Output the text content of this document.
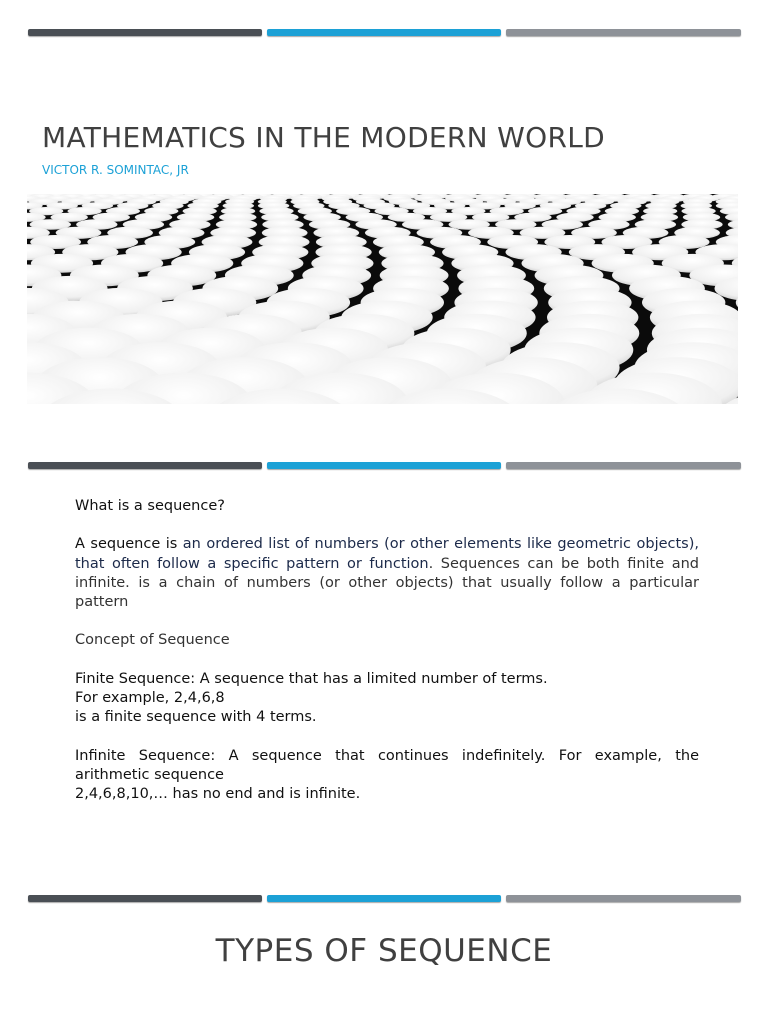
MATHEMATICS IN THE MODERN WORLD
VICTOR R. SOMINTAC, JR

What is a sequence?

A sequence is an ordered list of numbers (or other elements like geometric objects), that often follow a specific pattern or function. Sequences can be both finite and infinite. is a chain of numbers (or other objects) that usually follow a particular pattern

Concept of Sequence

Finite Sequence: A sequence that has a limited number of terms.

For example, 2,4,6,8

is a finite sequence with 4 terms.

Infinite Sequence: A sequence that continues indefinitely. For example, the arithmetic sequence

2,4,6,8,10,… has no end and is infinite.

TYPES OF SEQUENCE
